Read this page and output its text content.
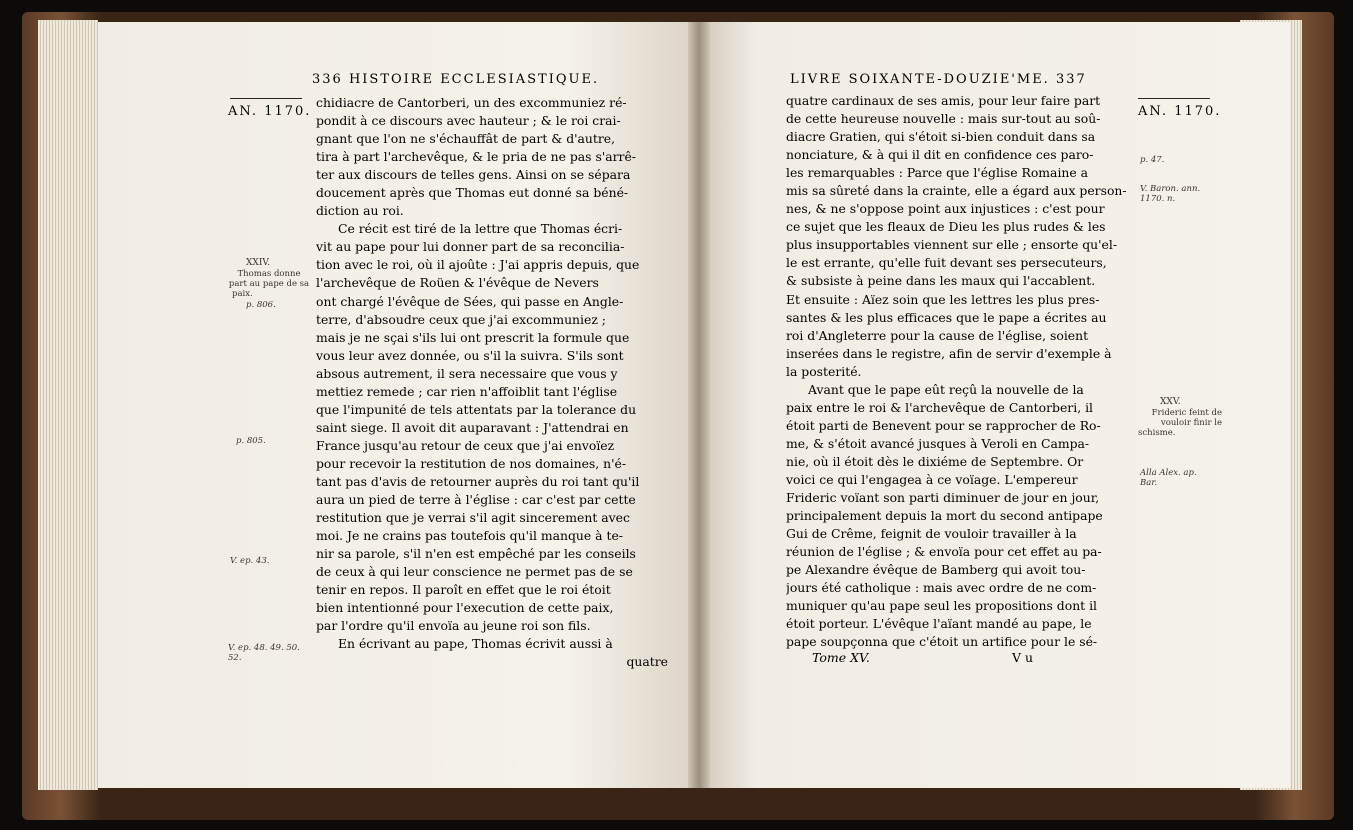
336 HISTOIRE ECCLESIASTIQUE.
AN. 1170.
XXIV.
Thomas donne
part au pape de sa
paix.
p. 806.
p. 805.
V. ep. 43.
V. ep. 48. 49. 50.
52.
chidiacre de Cantorberi, un des excommuniez ré-
pondit à ce discours avec hauteur ; & le roi crai-
gnant que l'on ne s'échauffât de part & d'autre,
tira à part l'archevêque, & le pria de ne pas s'arrê-
ter aux discours de telles gens. Ainsi on se sépara
doucement après que Thomas eut donné sa béné-
diction au roi.
Ce récit est tiré de la lettre que Thomas écri-
vit au pape pour lui donner part de sa reconcilia-
tion avec le roi, où il ajoûte : J'ai appris depuis, que
l'archevêque de Roüen & l'évêque de Nevers
ont chargé l'évêque de Sées, qui passe en Angle-
terre, d'absoudre ceux que j'ai excommuniez ;
mais je ne sçai s'ils lui ont prescrit la formule que
vous leur avez donnée, ou s'il la suivra. S'ils sont
absous autrement, il sera necessaire que vous y
mettiez remede ; car rien n'affoiblit tant l'église
que l'impunité de tels attentats par la tolerance du
saint siege. Il avoit dit auparavant : J'attendrai en
France jusqu'au retour de ceux que j'ai envoïez
pour recevoir la restitution de nos domaines, n'é-
tant pas d'avis de retourner auprès du roi tant qu'il
aura un pied de terre à l'église : car c'est par cette
restitution que je verrai s'il agit sincerement avec
moi. Je ne crains pas toutefois qu'il manque à te-
nir sa parole, s'il n'en est empêché par les conseils
de ceux à qui leur conscience ne permet pas de se
tenir en repos. Il paroît en effet que le roi étoit
bien intentionné pour l'execution de cette paix,
par l'ordre qu'il envoïa au jeune roi son fils.
En écrivant au pape, Thomas écrivit aussi à
quatre
LIVRE SOIXANTE-DOUZIE'ME. 337
AN. 1170.
p. 47.
V. Baron. ann.
1170. n.
XXV.
Frideric feint de
vouloir finir le
schisme.
Alla Alex. ap.
Bar.
quatre cardinaux de ses amis, pour leur faire part
de cette heureuse nouvelle : mais sur-tout au soû-
diacre Gratien, qui s'étoit si-bien conduit dans sa
nonciature, & à qui il dit en confidence ces paro-
les remarquables : Parce que l'église Romaine a
mis sa sûreté dans la crainte, elle a égard aux person-
nes, & ne s'oppose point aux injustices : c'est pour
ce sujet que les fleaux de Dieu les plus rudes & les
plus insupportables viennent sur elle ; ensorte qu'el-
le est errante, qu'elle fuit devant ses persecuteurs,
& subsiste à peine dans les maux qui l'accablent.
Et ensuite : Aïez soin que les lettres les plus pres-
santes & les plus efficaces que le pape a écrites au
roi d'Angleterre pour la cause de l'église, soient
inserées dans le registre, afin de servir d'exemple à
la posterité.
Avant que le pape eût reçû la nouvelle de la
paix entre le roi & l'archevêque de Cantorberi, il
étoit parti de Benevent pour se rapprocher de Ro-
me, & s'étoit avancé jusques à Veroli en Campa-
nie, où il étoit dès le dixiéme de Septembre. Or
voici ce qui l'engagea à ce voïage. L'empereur
Frideric voïant son parti diminuer de jour en jour,
principalement depuis la mort du second antipape
Gui de Crême, feignit de vouloir travailler à la
réunion de l'église ; & envoïa pour cet effet au pa-
pe Alexandre évêque de Bamberg qui avoit tou-
jours été catholique : mais avec ordre de ne com-
muniquer qu'au pape seul les propositions dont il
étoit porteur. L'évêque l'aïant mandé au pape, le
pape soupçonna que c'étoit un artifice pour le sé-
Tome XV.	V u
